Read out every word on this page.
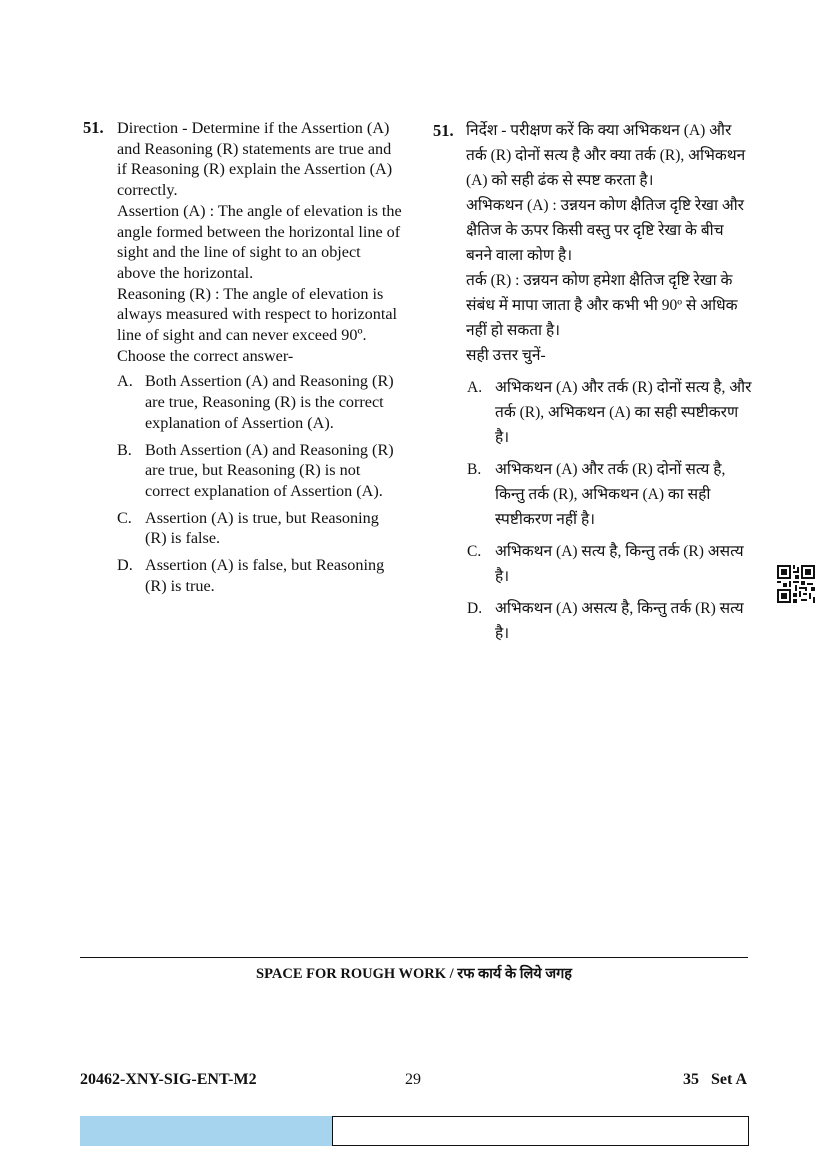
51. Direction - Determine if the Assertion (A) and Reasoning (R) statements are true and if Reasoning (R) explain the Assertion (A) correctly.
Assertion (A) : The angle of elevation is the angle formed between the horizontal line of sight and the line of sight to an object above the horizontal.
Reasoning (R) : The angle of elevation is always measured with respect to horizontal line of sight and can never exceed 90º.
Choose the correct answer-
A. Both Assertion (A) and Reasoning (R) are true, Reasoning (R) is the correct explanation of Assertion (A).
B. Both Assertion (A) and Reasoning (R) are true, but Reasoning (R) is not correct explanation of Assertion (A).
C. Assertion (A) is true, but Reasoning (R) is false.
D. Assertion (A) is false, but Reasoning (R) is true.
51. निर्देश - परीक्षण करें कि क्या अभिकथन (A) और तर्क (R) दोनों सत्य है और क्या तर्क (R), अभिकथन (A) को सही ढंक से स्पष्ट करता है।
अभिकथन (A) : उन्नयन कोण क्षैतिज दृष्टि रेखा और क्षैतिज के ऊपर किसी वस्तु पर दृष्टि रेखा के बीच बनने वाला कोण है।
तर्क (R) : उन्नयन कोण हमेशा क्षैतिज दृष्टि रेखा के संबंध में मापा जाता है और कभी भी 90º से अधिक नहीं हो सकता है।
सही उत्तर चुनें-
A. अभिकथन (A) और तर्क (R) दोनों सत्य है, और तर्क (R), अभिकथन (A) का सही स्पष्टीकरण है।
B. अभिकथन (A) और तर्क (R) दोनों सत्य है, किन्तु तर्क (R), अभिकथन (A) का सही स्पष्टीकरण नहीं है।
C. अभिकथन (A) सत्य है, किन्तु तर्क (R) असत्य है।
D. अभिकथन (A) असत्य है, किन्तु तर्क (R) सत्य है।
SPACE FOR ROUGH WORK / रफ कार्य के लिये जगह
20462-XNY-SIG-ENT-M2	29	35   Set A
